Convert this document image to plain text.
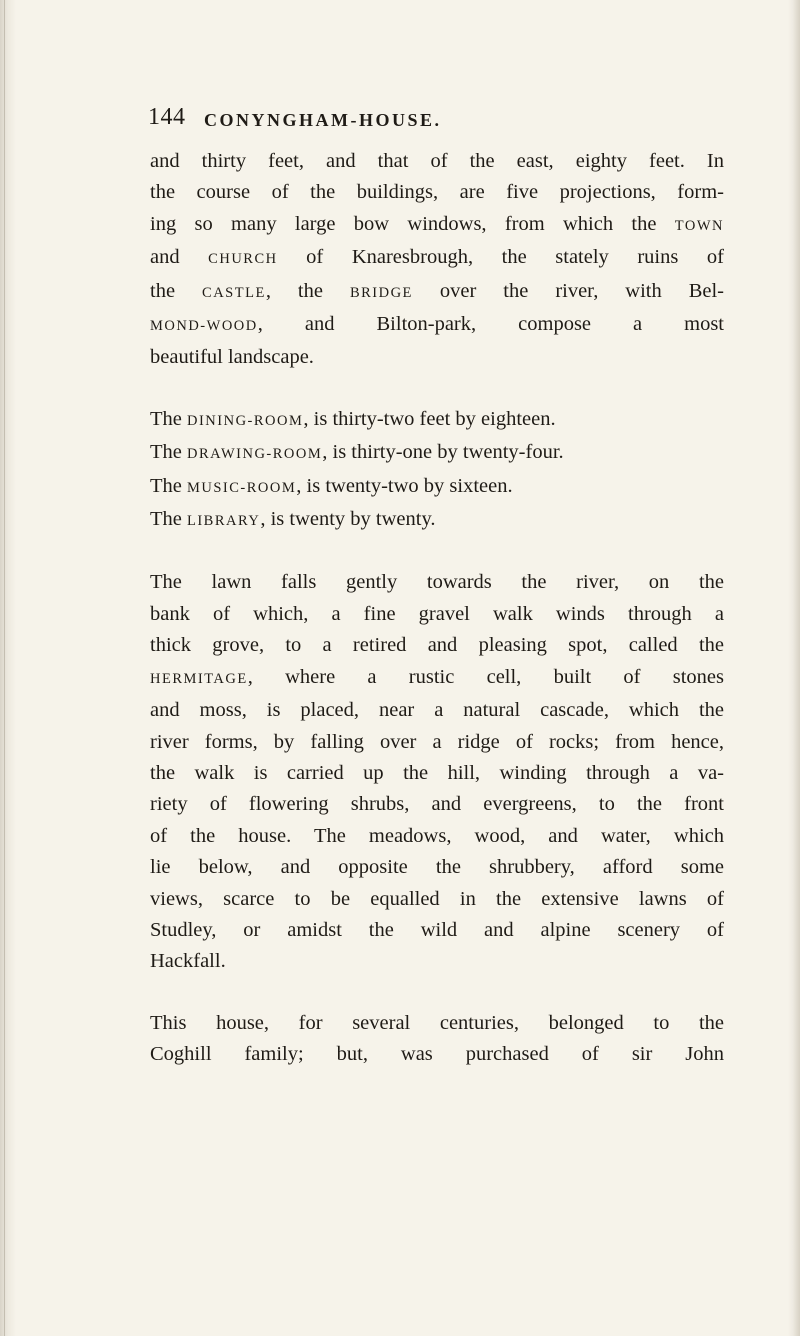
144 CONYNGHAM-HOUSE.
and thirty feet, and that of the east, eighty feet. In
the course of the buildings, are five projections, form-
ing so many large bow windows, from which the TOWN
and CHURCH of Knaresbrough, the stately ruins of
the CASTLE, the BRIDGE over the river, with Bel-
MOND-WOOD, and Bilton-park, compose a most
beautiful landscape.
The DINING-ROOM, is thirty-two feet by eighteen.
The DRAWING-ROOM, is thirty-one by twenty-four.
The MUSIC-ROOM, is twenty-two by sixteen.
The LIBRARY, is twenty by twenty.
The lawn falls gently towards the river, on the
bank of which, a fine gravel walk winds through a
thick grove, to a retired and pleasing spot, called the
HERMITAGE, where a rustic cell, built of stones
and moss, is placed, near a natural cascade, which the
river forms, by falling over a ridge of rocks; from hence,
the walk is carried up the hill, winding through a va-
riety of flowering shrubs, and evergreens, to the front
of the house. The meadows, wood, and water, which
lie below, and opposite the shrubbery, afford some
views, scarce to be equalled in the extensive lawns of
Studley, or amidst the wild and alpine scenery of
Hackfall.
This house, for several centuries, belonged to the
Coghill family; but, was purchased of sir John
